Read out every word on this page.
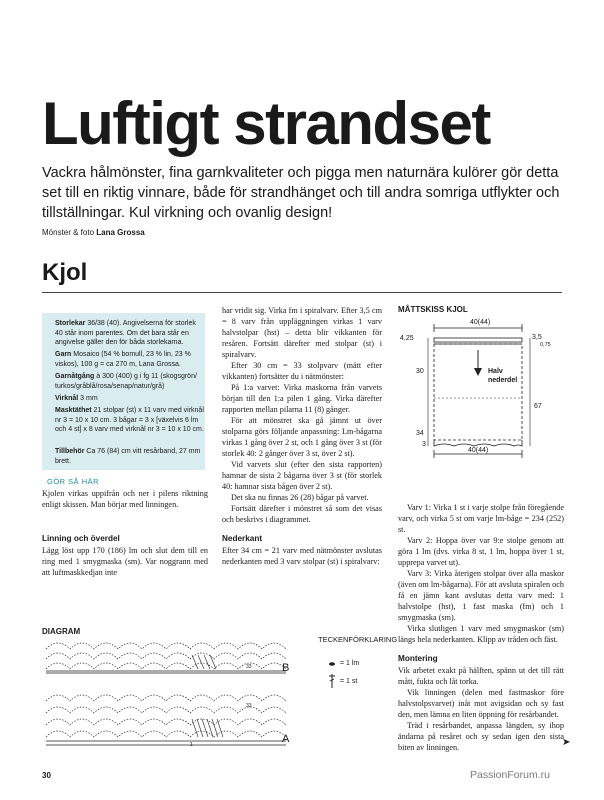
Luftigt strandset
Vackra hålmönster, fina garnkvaliteter och pigga men naturnära kulörer gör detta set till en riktig vinnare, både för strandhänget och till andra somriga utflykter och tillställningar. Kul virkning och ovanlig design!
Mönster & foto Lana Grossa
Kjol
Storlekar 36/38 (40). Angivelserna för storlek 40 står inom parentes. Om det bara står en angivelse gäller den för båda storlekarna.
Garn Mosaico (54 % bomull, 23 % lin, 23 % viskos), 100 g = ca 270 m, Lana Grossa.
Garnåtgång à 300 (400) g i fg 11 (skogsgrön/ turkos/gråblå/rosa/senap/natur/grå)
Virknål 3 mm
Masktäthet 21 stolpar (st) x 11 varv med virknål nr 3 = 10 x 10 cm. 3 bågar = 3 x [växelvis 6 lm och 4 st] x 8 varv med virknål nr 3 = 10 x 10 cm.
Tillbehör Ca 76 (84) cm vitt resårband, 27 mm brett.
GÖR SÅ HÄR
Kjolen virkas uppifrån och ner i pilens riktning enligt skissen. Man börjar med linningen.
Linning och överdel
Lägg löst upp 170 (186) lm och slut dem till en ring med 1 smygmaska (sm). Var noggrann med att luftmaskkedjan inte

har vridit sig. Virka fm i spiralvarv. Efter 3,5 cm = 8 varv från uppläggningen virkas 1 varv halvstolpar (hst) – detta blir vikkanten för resåren. Fortsätt därefter med stolpar (st) i spiralvarv.

Efter 30 cm = 33 stolpvarv (mätt efter vikkanten) fortsätter du i nätmönster:

På 1:a varvet: Virka maskorna från varvets början till den 1:a pilen 1 gång. Virka därefter rapporten mellan pilarna 11 (8) gånger.

För att mönstret ska gå jämnt ut över stolparna görs följande anpassning: Lm-bågarna virkas 1 gång över 2 st, och 1 gång över 3 st (för storlek 40: 2 gånger över 3 st, över 2 st).

Vid varvets slut (efter den sista rapporten) hamnar de sista 2 bågarna över 3 st (för storlek 40: hamnar sista bågen över 2 st).

Det ska nu finnas 26 (28) bågar på varvet.

Fortsätt därefter i mönstret så som det visas och beskrivs i diagrammet.

Nederkant
Efter 34 cm = 21 varv med nätmönster avslutas nederkanten med 3 varv stolpar (st) i spiralvarv:
MÅTTSKISS KJOL
40(44)
4,25	3,5
0,75
30
67
34
3
40(44)
Halv nederdel

Varv 1: Virka 1 st i varje stolpe från föregående varv, och virka 5 st om varje lm-båge = 234 (252) st.

Varv 2: Hoppa över var 9:e stolpe genom att göra 1 lm (dvs. virka 8 st, 1 lm, hoppa över 1 st, upprepa varvet ut).

Varv 3: Virka återigen stolpar över alla maskor (även om lm-bågarna). För att avsluta spiralen och få en jämn kant avslutas detta varv med: 1 halvstolpe (hst), 1 fast maska (fm) och 1 smygmaska (sm).

Virka slutligen 1 varv med smygmaskor (sm) längs hela nederkanten. Klipp av tråden och fäst.

Montering

Vik arbetet exakt på hälften, spänn ut det till rätt mått, fukta och låt torka.

Vik linningen (delen med fastmaskor före halvstolpsvarvet) inåt mot avigsidan och sy fast den, men lämna en liten öppning för resårbandet.

Träd i resårbandet, anpassa längden, sy ihop ändarna på resåret och sy sedan igen den sista biten av linningen.

DIAGRAM
B
A
33
33
1
TECKENFÖRKLARING
= 1 lm
= 1 st
➤
30	PassionForum.ru
